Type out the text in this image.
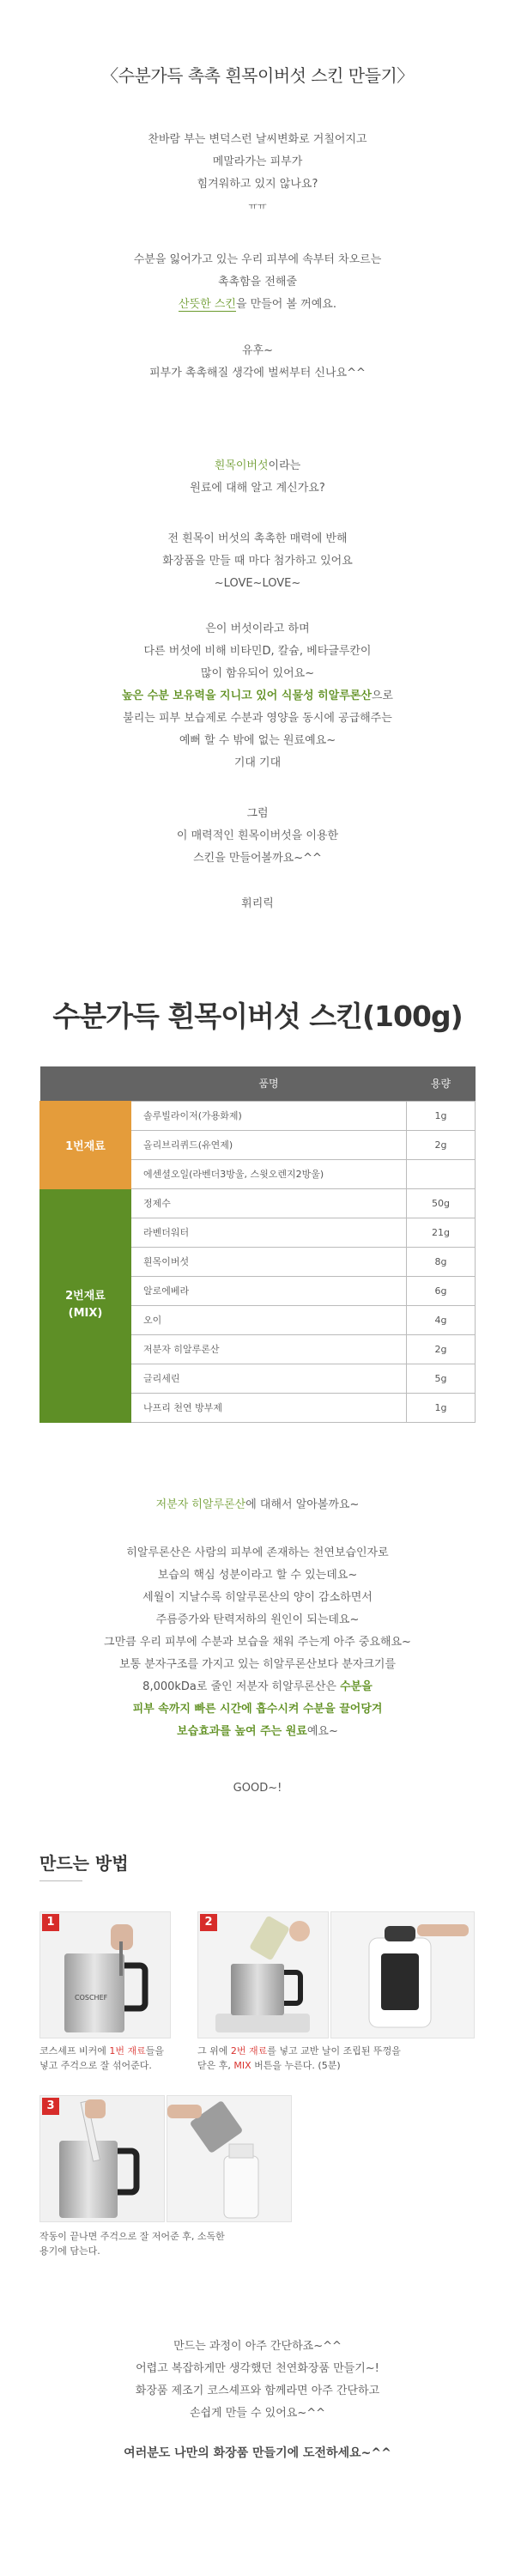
〈수분가득 촉촉 흰목이버섯 스킨 만들기〉
찬바람 부는 변덕스런 날씨변화로 거칠어지고
메말라가는 피부가
힘겨워하고 있지 않나요?
ㅠㅠ
수분을 잃어가고 있는 우리 피부에 속부터 차오르는
촉촉함을 전해줄
산뜻한 스킨을 만들어 볼 꺼예요.
유후~
피부가 촉촉해질 생각에 벌써부터 신나요^^
흰목이버섯이라는
원료에 대해 알고 계신가요?
전 흰목이 버섯의 촉촉한 매력에 반해
화장품을 만들 때 마다 첨가하고 있어요
~LOVE~LOVE~
은이 버섯이라고 하며
다른 버섯에 비해 비타민D, 칼슘, 베타글루칸이
많이 함유되어 있어요~
높은 수분 보유력을 지니고 있어 식물성 히알루론산으로
불리는 피부 보습제로 수분과 영양을 동시에 공급해주는
예뻐 할 수 밖에 없는 원료예요~
기대 기대
그럼
이 매력적인 흰목이버섯을 이용한
스킨을 만들어볼까요~^^
휘리릭
수분가득 흰목이버섯 스킨(100g)
	품명	용량
1번재료	솔루빌라이저(가용화제)	1g
	올리브리퀴드(유연제)	2g
	에센셜오일(라벤더3방울, 스윗오렌지2방울)	

2번재료
(MIX)	정제수	50g
	라벤더워터	21g
	흰목이버섯	8g
	알로에베라	6g
	오이	4g
	저분자 히알루론산	2g
	글리세린	5g
	나프리 천연 방부제	1g
저분자 히알루론산에 대해서 알아볼까요~
히알루론산은 사람의 피부에 존재하는 천연보습인자로
보습의 핵심 성분이라고 할 수 있는데요~
세월이 지날수록 히알루론산의 양이 감소하면서
주름증가와 탄력저하의 원인이 되는데요~
그만큼 우리 피부에 수분과 보습을 채워 주는게 아주 중요해요~
보통 분자구조를 가지고 있는 히알루론산보다 분자크기를
8,000kDa로 줄인 저분자 히알루론산은 수분을
피부 속까지 빠른 시간에 흡수시켜 수분을 끌어당겨
보습효과를 높여 주는 원료예요~
GOOD~!
만드는 방법
1
COSCHEF
코스셰프 비커에 1번 재료들을
넣고 주걱으로 잘 섞어준다.
2
그 위에 2번 재료를 넣고 교반 날이 조립된 뚜껑을
닫은 후, MIX 버튼을 누른다. (5분)
3
작동이 끝나면 주걱으로 잘 저어준 후, 소독한
용기에 담는다.
만드는 과정이 아주 간단하죠~^^
어렵고 복잡하게만 생각했던 천연화장품 만들기~!
화장품 제조기 코스셰프와 함께라면 아주 간단하고
손쉽게 만들 수 있어요~^^
여러분도 나만의 화장품 만들기에 도전하세요~^^
